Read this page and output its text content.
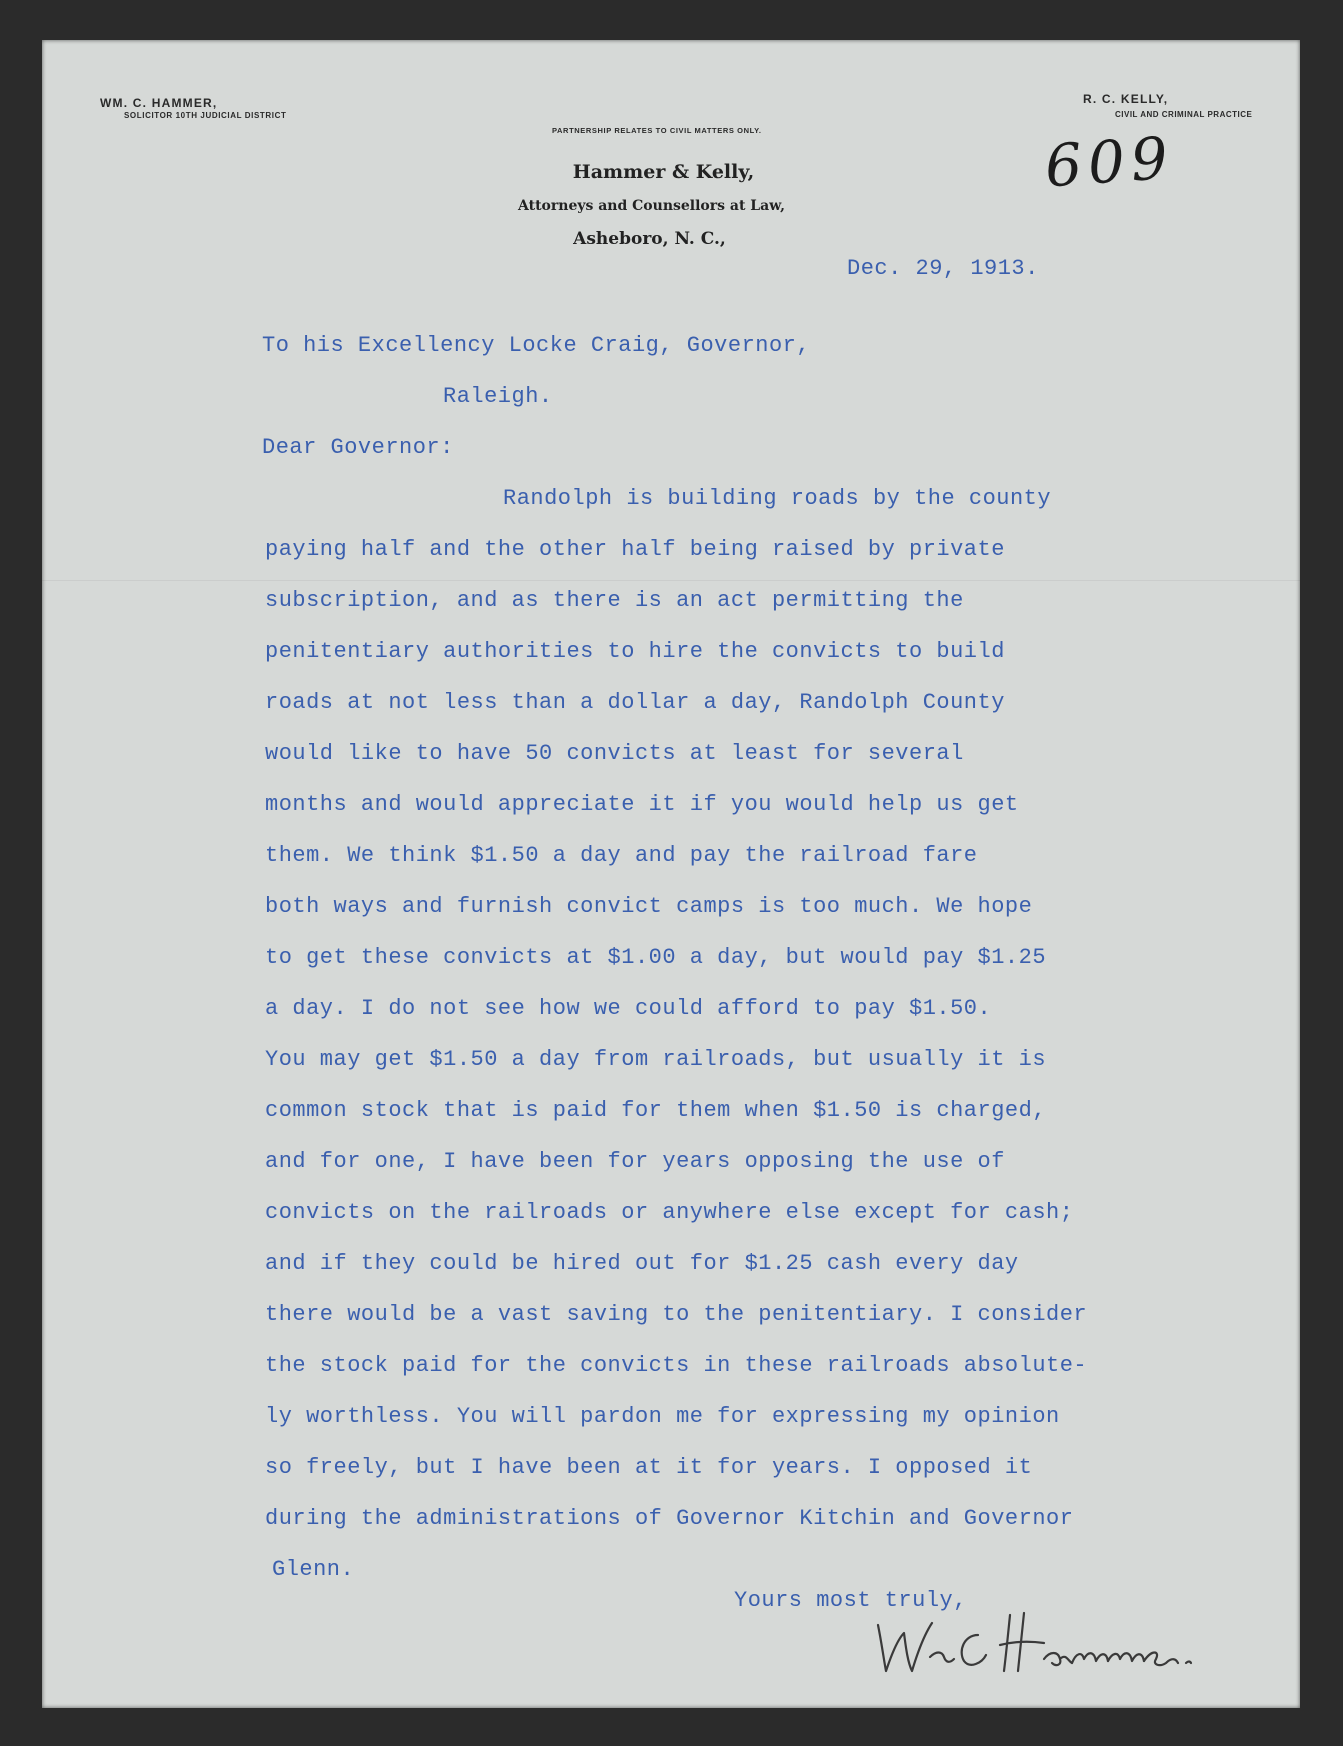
WM. C. HAMMER,
SOLICITOR 10TH JUDICIAL DISTRICT
R. C. KELLY,
CIVIL AND CRIMINAL PRACTICE
PARTNERSHIP RELATES TO CIVIL MATTERS ONLY.
Hammer & Kelly,
Attorneys and Counsellors at Law,
Asheboro, N. C.,
609
Dec. 29, 1913.
To his Excellency Locke Craig, Governor,
Raleigh.
Dear Governor:
Randolph is building roads by the county
paying half and the other half being raised by private
subscription, and as there is an act permitting the
penitentiary authorities to hire the convicts to build
roads at not less than a dollar a day, Randolph County
would like to have 50 convicts at least for several
months and would appreciate it if you would help us get
them. We think $1.50 a day and pay the railroad fare
both ways and furnish convict camps is too much. We hope
to get these convicts at $1.00 a day, but would pay $1.25
a day. I do not see how we could afford to pay $1.50.
You may get $1.50 a day from railroads, but usually it is
common stock that is paid for them when $1.50 is charged,
and for one, I have been for years opposing the use of
convicts on the railroads or anywhere else except for cash;
and if they could be hired out for $1.25 cash every day
there would be a vast saving to the penitentiary. I consider
the stock paid for the convicts in these railroads absolute-
ly worthless. You will pardon me for expressing my opinion
so freely, but I have been at it for years. I opposed it
during the administrations of Governor Kitchin and Governor
Glenn.
Yours most truly,
